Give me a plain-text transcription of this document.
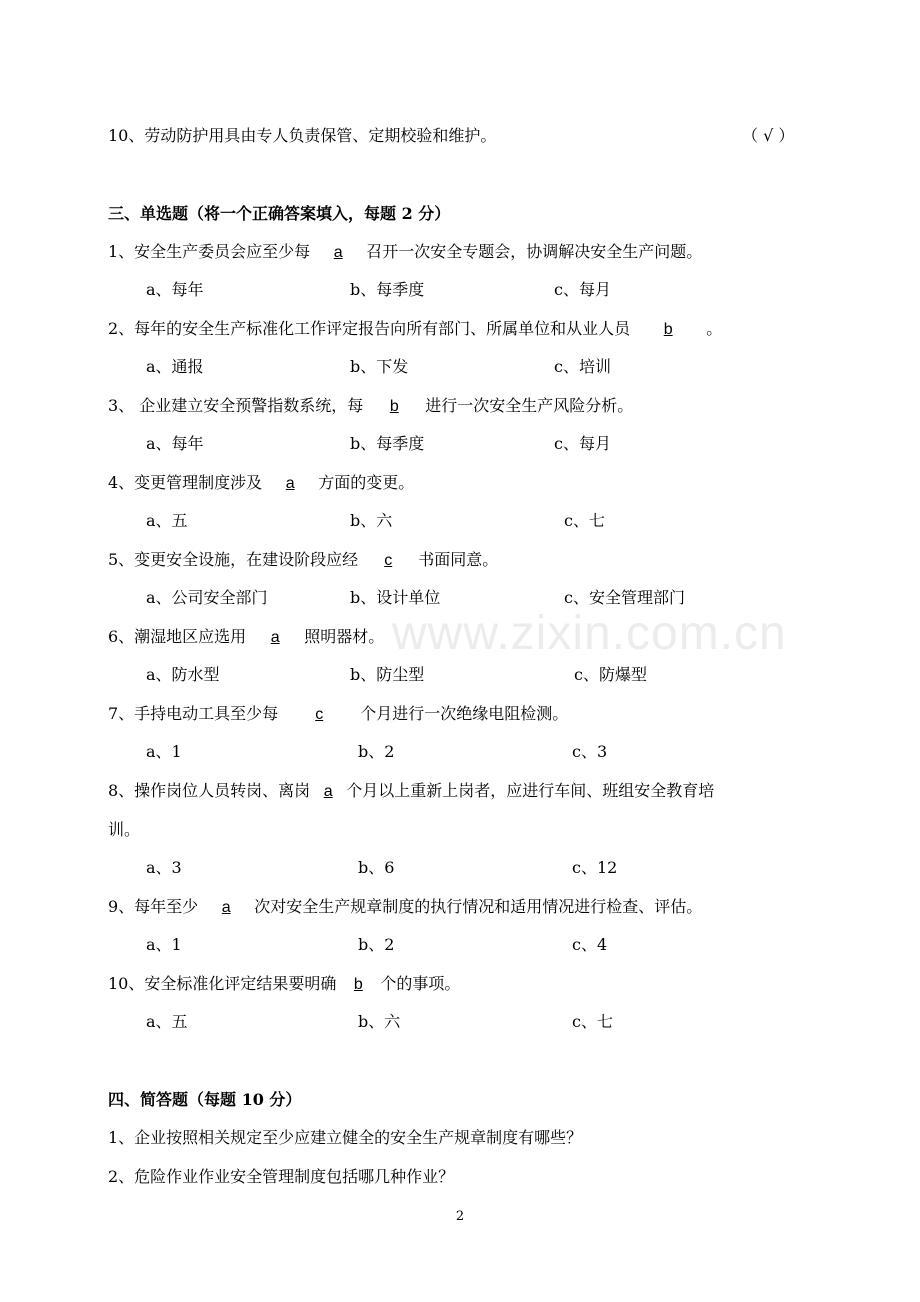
10、劳动防护用具由专人负责保管、定期校验和维护。	（ √ ）
三、单选题（将一个正确答案填入，每题 2 分）
1、安全生产委员会应至少每 a 召开一次安全专题会，协调解决安全生产问题。
a、每年	b、每季度	c、每月
2、每年的安全生产标准化工作评定报告向所有部门、所属单位和从业人员 b 。
a、通报	b、下发	c、培训
3、 企业建立安全预警指数系统，每 b 进行一次安全生产风险分析。
a、每年	b、每季度	c、每月
4、变更管理制度涉及 a 方面的变更。
a、五	b、六	c、七
5、变更安全设施，在建设阶段应经 c 书面同意。
a、公司安全部门	b、设计单位	c、安全管理部门
6、潮湿地区应选用 a 照明器材。
a、防水型	b、防尘型	c、防爆型
7、手持电动工具至少每 c 个月进行一次绝缘电阻检测。
a、1	b、2	c、3
8、操作岗位人员转岗、离岗 a 个月以上重新上岗者，应进行车间、班组安全教育培
训。
a、3	b、6	c、12
9、每年至少 a 次对安全生产规章制度的执行情况和适用情况进行检查、评估。
a、1	b、2	c、4
10、安全标准化评定结果要明确 b 个的事项。
a、五	b、六	c、七
四、简答题（每题 10 分）
1、企业按照相关规定至少应建立健全的安全生产规章制度有哪些？
2、危险作业作业安全管理制度包括哪几种作业？
2
www.zixin.com.cn
